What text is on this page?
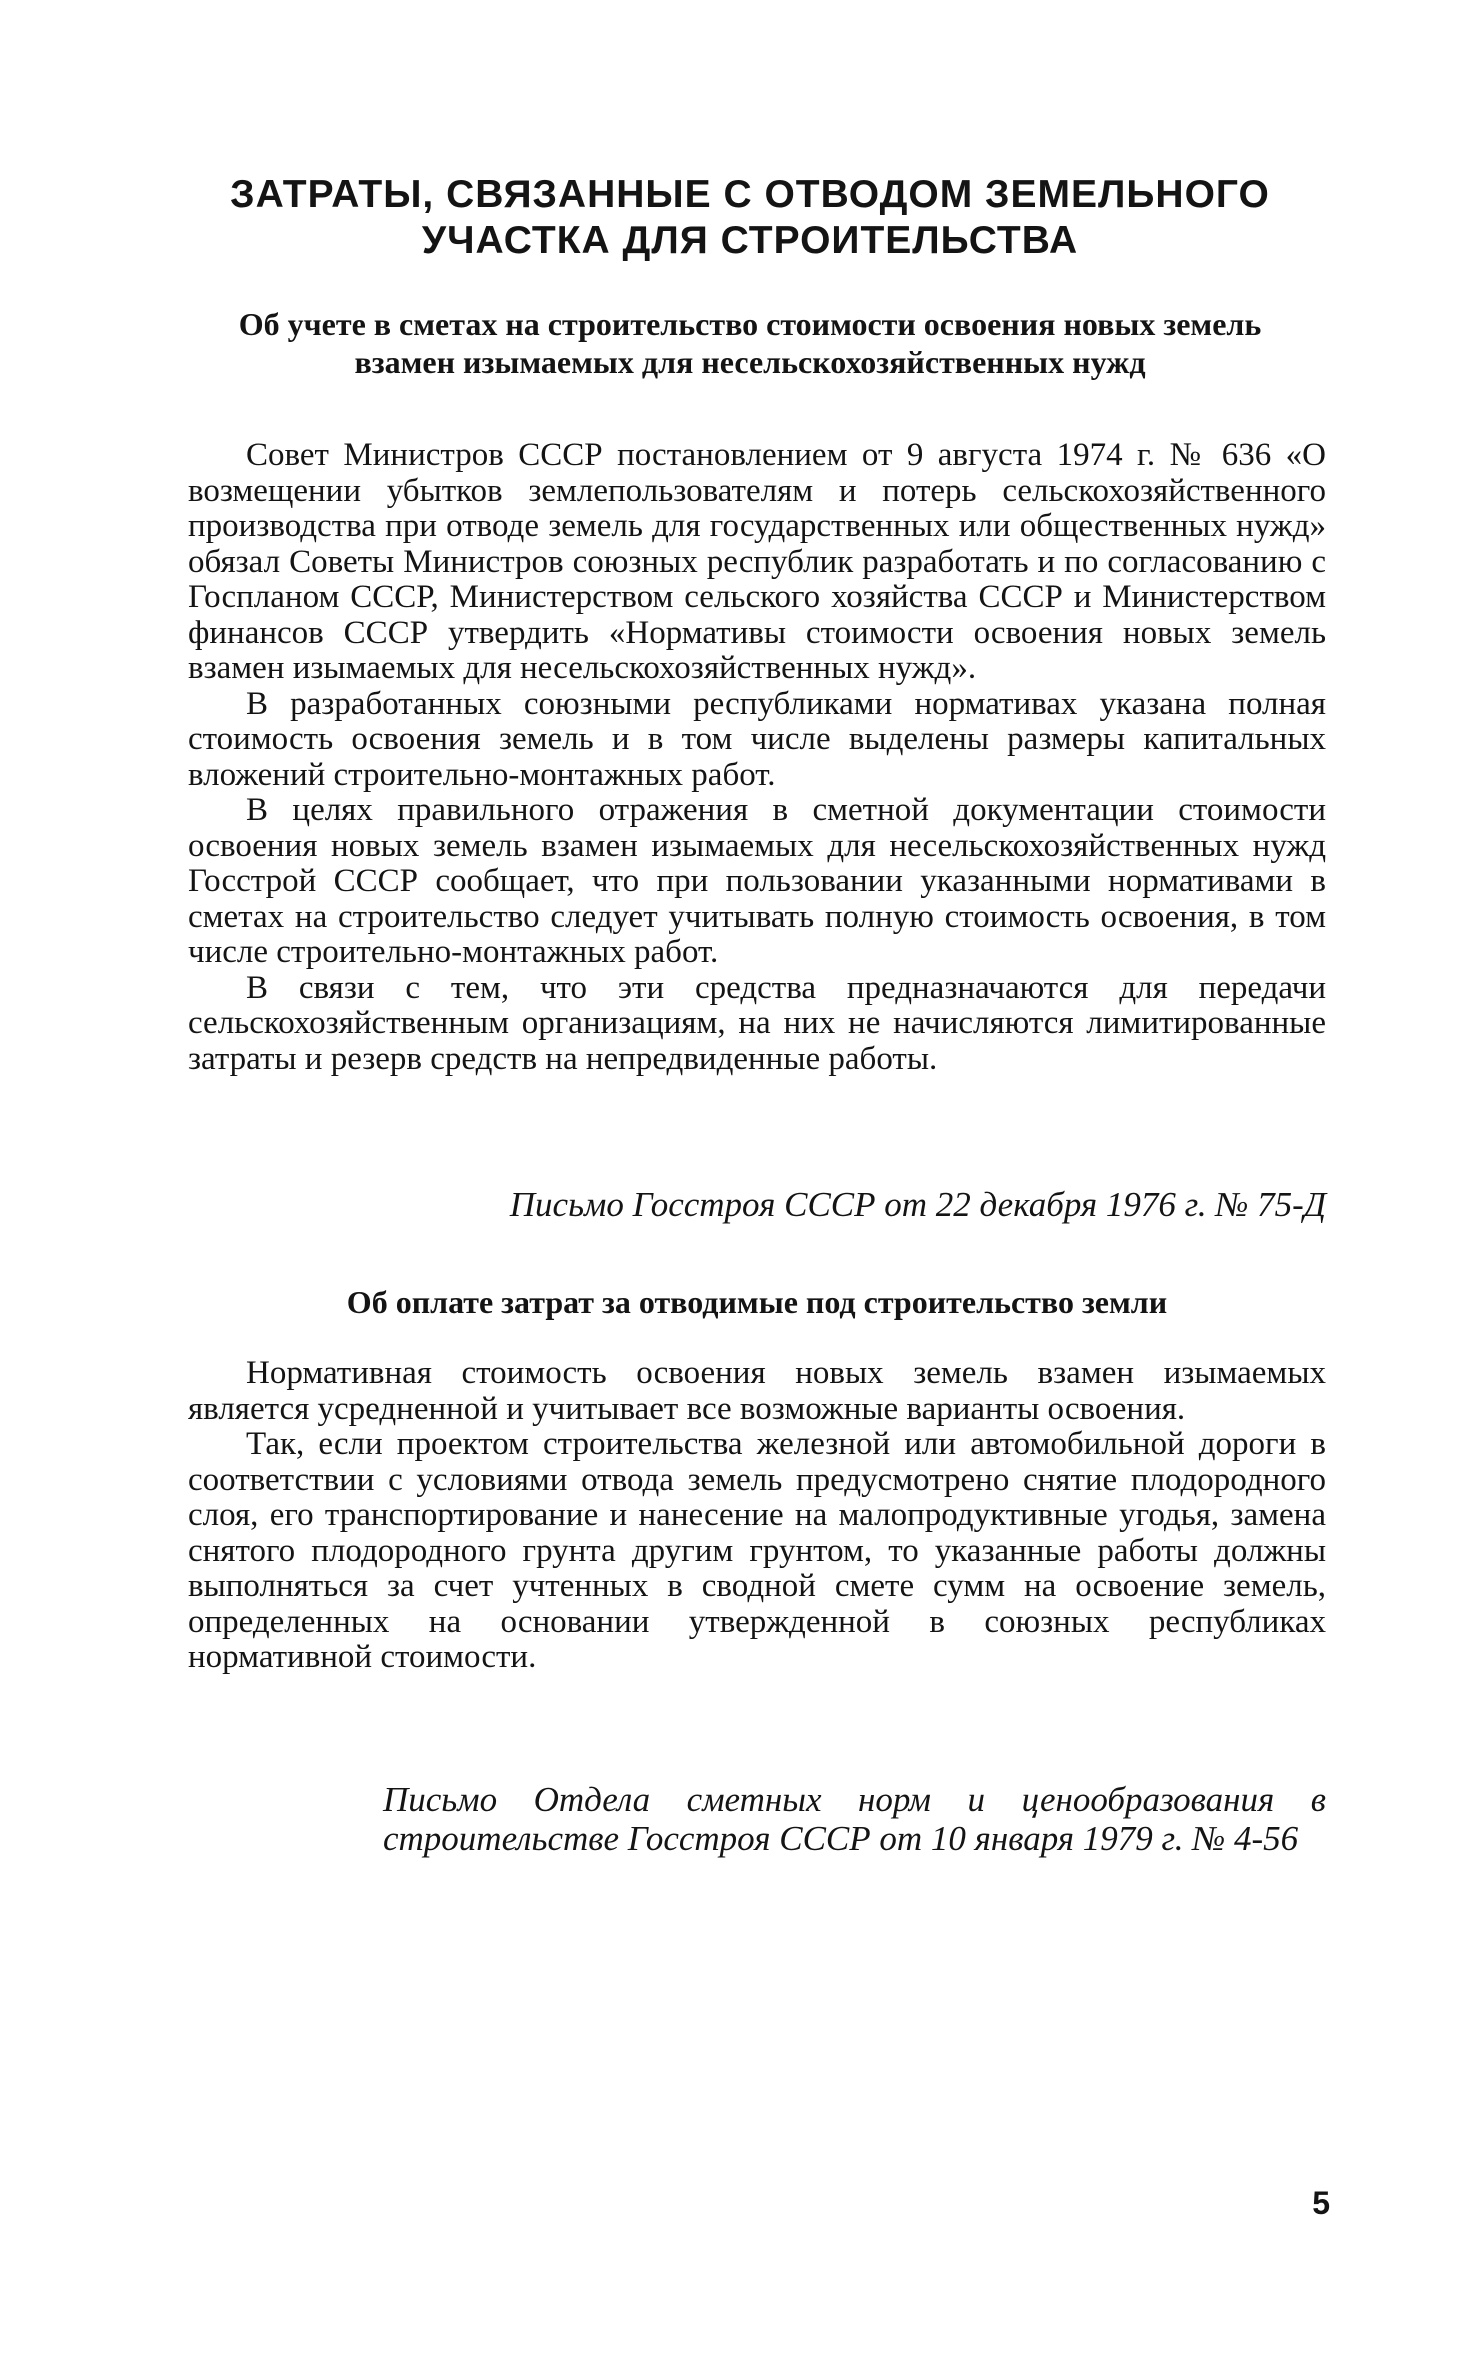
ЗАТРАТЫ, СВЯЗАННЫЕ С ОТВОДОМ ЗЕМЕЛЬНОГО УЧАСТКА ДЛЯ СТРОИТЕЛЬСТВА
Об учете в сметах на строительство стоимости освоения новых земель взамен изымаемых для несельскохозяйственных нужд

Совет Министров СССР постановлением от 9 августа 1974 г. № 636 «О возмещении убытков землепользователям и потерь сельскохозяйственного производства при отводе земель для государственных или общественных нужд» обязал Советы Министров союзных республик разработать и по согласованию с Госпланом СССР, Министерством сельского хозяйства СССР и Министерством финансов СССР утвердить «Нормативы стоимости освоения новых земель взамен изымаемых для несельскохозяйственных нужд».

В разработанных союзными республиками нормативах указана полная стоимость освоения земель и в том числе выделены размеры капитальных вложений строительно-монтажных работ.

В целях правильного отражения в сметной документации стоимости освоения новых земель взамен изымаемых для несельскохозяйственных нужд Госстрой СССР сообщает, что при пользовании указанными нормативами в сметах на строительство следует учитывать полную стоимость освоения, в том числе строительно-монтажных работ.

В связи с тем, что эти средства предназначаются для передачи сельскохозяйственным организациям, на них не начисляются лимитированные затраты и резерв средств на непредвиденные работы.

Письмо Госстроя СССР от 22 декабря 1976 г. № 75-Д
Об оплате затрат за отводимые под строительство земли

Нормативная стоимость освоения новых земель взамен изымаемых является усредненной и учитывает все возможные варианты освоения.

Так, если проектом строительства железной или автомобильной дороги в соответствии с условиями отвода земель предусмотрено снятие плодородного слоя, его транспортирование и нанесение на малопродуктивные угодья, замена снятого плодородного грунта другим грунтом, то указанные работы должны выполняться за счет учтенных в сводной смете сумм на освоение земель, определенных на основании утвержденной в союзных республиках нормативной стоимости.

Письмо Отдела сметных норм и ценообразования в строительстве Госстроя СССР от 10 января 1979 г. № 4-56
5
